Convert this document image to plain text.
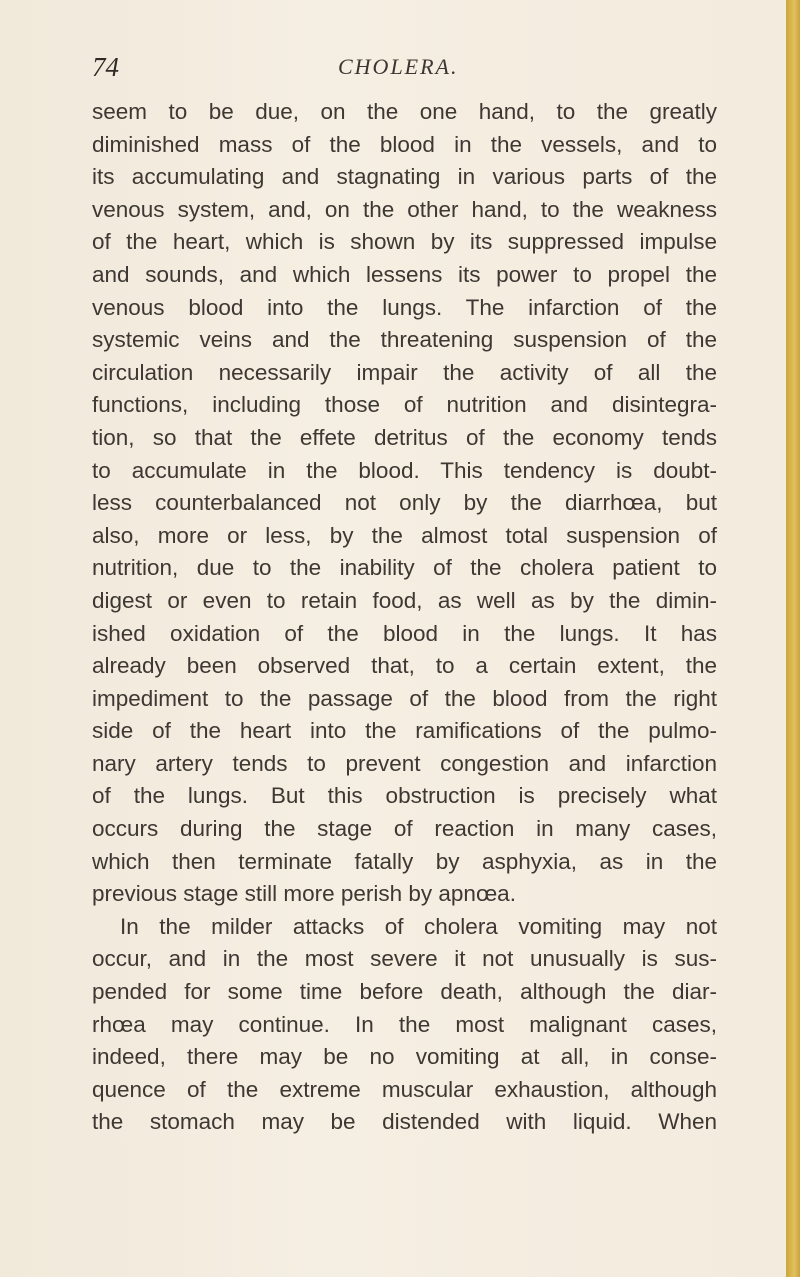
74	CHOLERA.
seem to be due, on the one hand, to the greatly
diminished mass of the blood in the vessels, and to
its accumulating and stagnating in various parts of the
venous system, and, on the other hand, to the weakness
of the heart, which is shown by its suppressed impulse
and sounds, and which lessens its power to propel the
venous blood into the lungs. The infarction of the
systemic veins and the threatening suspension of the
circulation necessarily impair the activity of all the
functions, including those of nutrition and disintegra-
tion, so that the effete detritus of the economy tends
to accumulate in the blood. This tendency is doubt-
less counterbalanced not only by the diarrhœa, but
also, more or less, by the almost total suspension of
nutrition, due to the inability of the cholera patient to
digest or even to retain food, as well as by the dimin-
ished oxidation of the blood in the lungs. It has
already been observed that, to a certain extent, the
impediment to the passage of the blood from the right
side of the heart into the ramifications of the pulmo-
nary artery tends to prevent congestion and infarction
of the lungs. But this obstruction is precisely what
occurs during the stage of reaction in many cases,
which then terminate fatally by asphyxia, as in the
previous stage still more perish by apnœa.
In the milder attacks of cholera vomiting may not
occur, and in the most severe it not unusually is sus-
pended for some time before death, although the diar-
rhœa may continue. In the most malignant cases,
indeed, there may be no vomiting at all, in conse-
quence of the extreme muscular exhaustion, although
the stomach may be distended with liquid. When
